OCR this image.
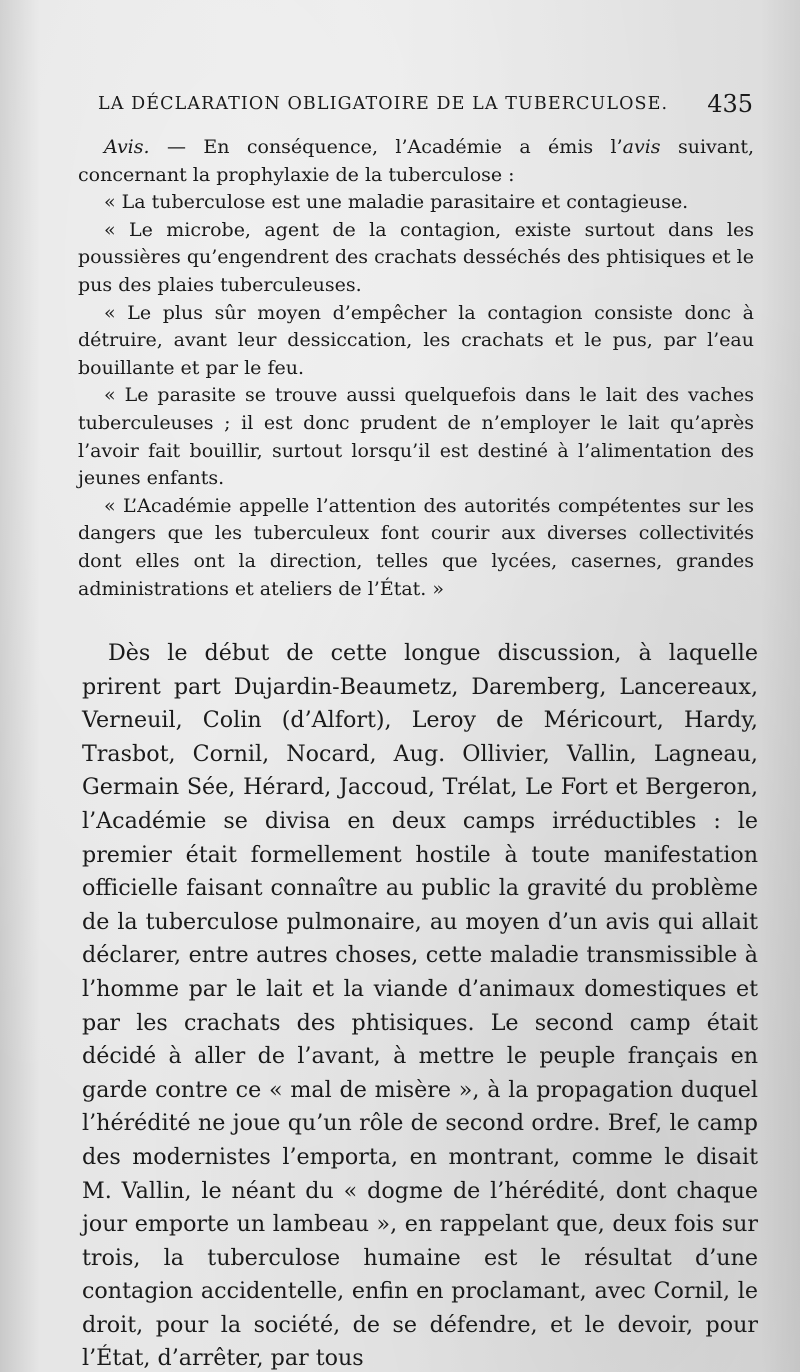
LA DÉCLARATION OBLIGATOIRE DE LA TUBERCULOSE. 435

Avis. — En conséquence, l’Académie a émis l’avis suivant, concernant la prophylaxie de la tuberculose :

« La tuberculose est une maladie parasitaire et contagieuse.

« Le microbe, agent de la contagion, existe surtout dans les poussières qu’engendrent des crachats desséchés des phtisiques et le pus des plaies tuberculeuses.

« Le plus sûr moyen d’empêcher la contagion consiste donc à détruire, avant leur dessiccation, les crachats et le pus, par l’eau bouillante et par le feu.

« Le parasite se trouve aussi quelquefois dans le lait des vaches tuberculeuses ; il est donc prudent de n’employer le lait qu’après l’avoir fait bouillir, surtout lorsqu’il est destiné à l’alimentation des jeunes enfants.

« L’Académie appelle l’attention des autorités compétentes sur les dangers que les tuberculeux font courir aux diverses collectivités dont elles ont la direction, telles que lycées, casernes, grandes administrations et ateliers de l’État. »

Dès le début de cette longue discussion, à laquelle prirent part Dujardin-Beaumetz, Daremberg, Lancereaux, Verneuil, Colin (d’Alfort), Leroy de Méricourt, Hardy, Trasbot, Cornil, Nocard, Aug. Ollivier, Vallin, Lagneau, Germain Sée, Hérard, Jaccoud, Trélat, Le Fort et Bergeron, l’Académie se divisa en deux camps irréductibles : le premier était formellement hostile à toute manifestation officielle faisant connaître au public la gravité du problème de la tuberculose pulmonaire, au moyen d’un avis qui allait déclarer, entre autres choses, cette maladie transmissible à l’homme par le lait et la viande d’animaux domestiques et par les crachats des phtisiques. Le second camp était décidé à aller de l’avant, à mettre le peuple français en garde contre ce « mal de misère », à la propagation duquel l’hérédité ne joue qu’un rôle de second ordre. Bref, le camp des modernistes l’emporta, en montrant, comme le disait M. Vallin, le néant du « dogme de l’hérédité, dont chaque jour emporte un lambeau », en rappelant que, deux fois sur trois, la tuberculose humaine est le résultat d’une contagion accidentelle, enfin en proclamant, avec Cornil, le droit, pour la société, de se défendre, et le devoir, pour l’État, d’arrêter, par tous
